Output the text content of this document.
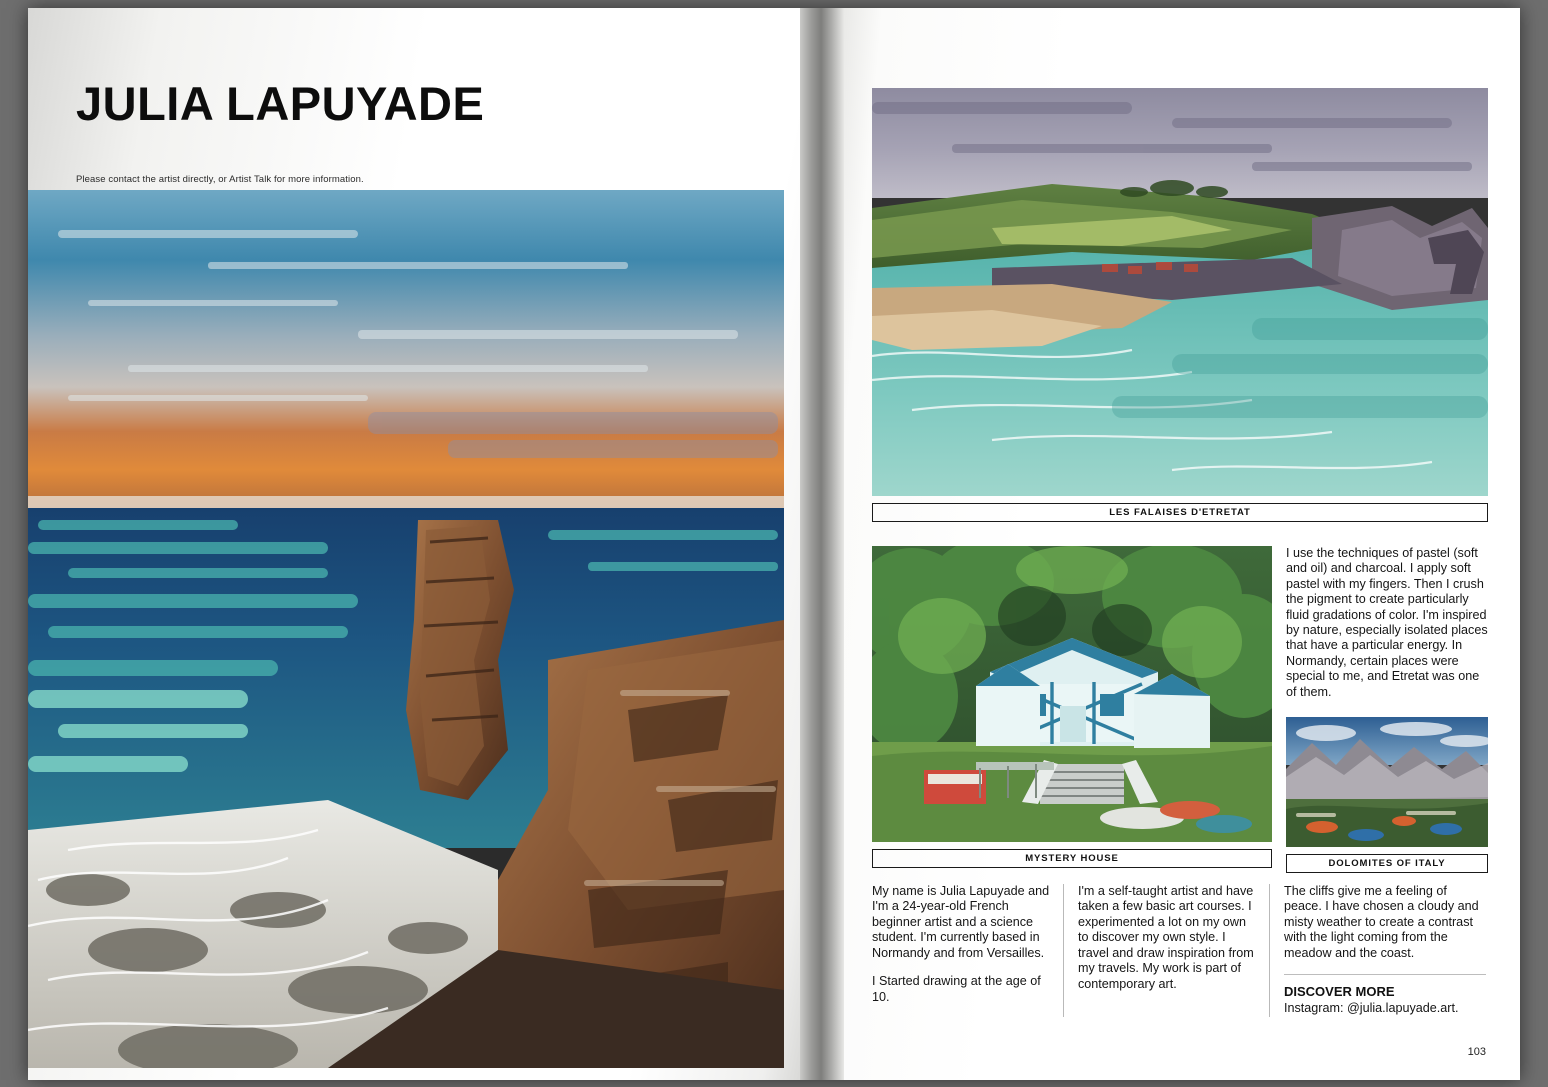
JULIA LAPUYADE
Please contact the artist directly, or Artist Talk for more information.
LES FALAISES D'ETRETAT
MYSTERY HOUSE
I use the techniques of pastel (soft and oil) and charcoal. I apply soft pastel with my fingers. Then I crush the pigment to create particularly fluid gradations of color. I'm inspired by nature, especially isolated places that have a particular energy. In Normandy, certain places were special to me, and Etretat was one of them.
DOLOMITES OF ITALY

My name is Julia Lapuyade and I'm a 24-year-old French beginner artist and a science student. I'm currently based in Normandy and from Versailles.

I Started drawing at the age of 10.

I'm a self-taught artist and have taken a few basic art courses. I experimented a lot on my own to discover my own style. I travel and draw inspiration from my travels. My work is part of contemporary art.

The cliffs give me a feeling of peace. I have chosen a cloudy and misty weather to create a contrast with the light coming from the meadow and the coast.

DISCOVER MORE
Instagram: @julia.lapuyade.art.
103
